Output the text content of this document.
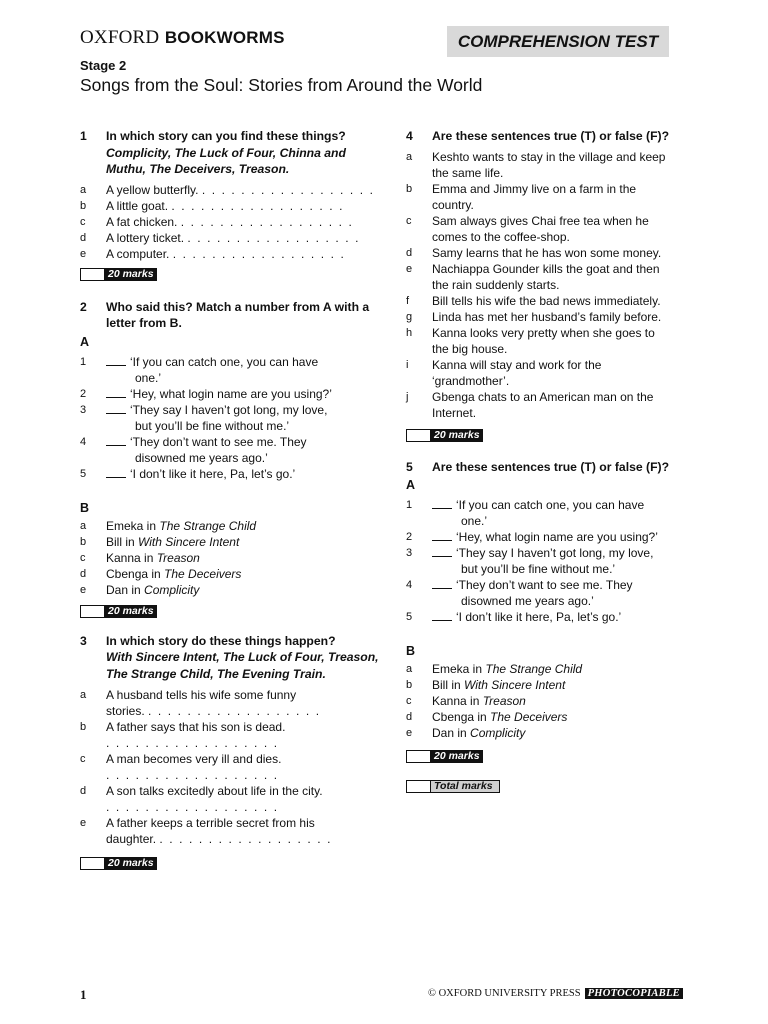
OXFORD BOOKWORMS	COMPREHENSION TEST
Stage 2
Songs from the Soul: Stories from Around the World
1	In which story can you find these things?
Complicity, The Luck of Four, Chinna and Muthu, The Deceivers, Treason.
a	A yellow butterfly. . . . . . . . . . . . . . . . . . .
b	A little goat. . . . . . . . . . . . . . . . . . .
c	A fat chicken. . . . . . . . . . . . . . . . . . .
d	A lottery ticket. . . . . . . . . . . . . . . . . . .
e	A computer. . . . . . . . . . . . . . . . . . .
20 marks
2	Who said this? Match a number from A with a letter from B.
A
1	‘If you can catch one, you can have
one.’
2	‘Hey, what login name are you using?’
3	‘They say I haven’t got long, my love,
but you’ll be fine without me.’
4	‘They don’t want to see me. They
disowned me years ago.’
5	‘I don’t like it here, Pa, let’s go.’
B
a	Emeka in The Strange Child
b	Bill in With Sincere Intent
c	Kanna in Treason
d	Cbenga in The Deceivers
e	Dan in Complicity
20 marks
3	In which story do these things happen?
With Sincere Intent, The Luck of Four, Treason, The Strange Child, The Evening Train.
a	A husband tells his wife some funny
stories. . . . . . . . . . . . . . . . . . .
b	A father says that his son is dead.
. . . . . . . . . . . . . . . . . .
c	A man becomes very ill and dies.
. . . . . . . . . . . . . . . . . .
d	A son talks excitedly about life in the city.
. . . . . . . . . . . . . . . . . .
e	A father keeps a terrible secret from his
daughter. . . . . . . . . . . . . . . . . . .
20 marks
4	Are these sentences true (T) or false (F)?
a	Keshto wants to stay in the village and keep
the same life.
b	Emma and Jimmy live on a farm in the
country.
c	Sam always gives Chai free tea when he
comes to the coffee-shop.
d	Samy learns that he has won some money.
e	Nachiappa Gounder kills the goat and then
the rain suddenly starts.
f	Bill tells his wife the bad news immediately.
g	Linda has met her husband’s family before.
h	Kanna looks very pretty when she goes to
the big house.
i	Kanna will stay and work for the
‘grandmother’.
j	Gbenga chats to an American man on the
Internet.
20 marks
5	Are these sentences true (T) or false (F)?
A
1	‘If you can catch one, you can have
one.’
2	‘Hey, what login name are you using?’
3	‘They say I haven’t got long, my love,
but you’ll be fine without me.’
4	‘They don’t want to see me. They
disowned me years ago.’
5	‘I don’t like it here, Pa, let’s go.’
B
a	Emeka in The Strange Child
b	Bill in With Sincere Intent
c	Kanna in Treason
d	Cbenga in The Deceivers
e	Dan in Complicity
20 marks
Total marks
1	© OXFORD UNIVERSITY PRESS PHOTOCOPIABLE
